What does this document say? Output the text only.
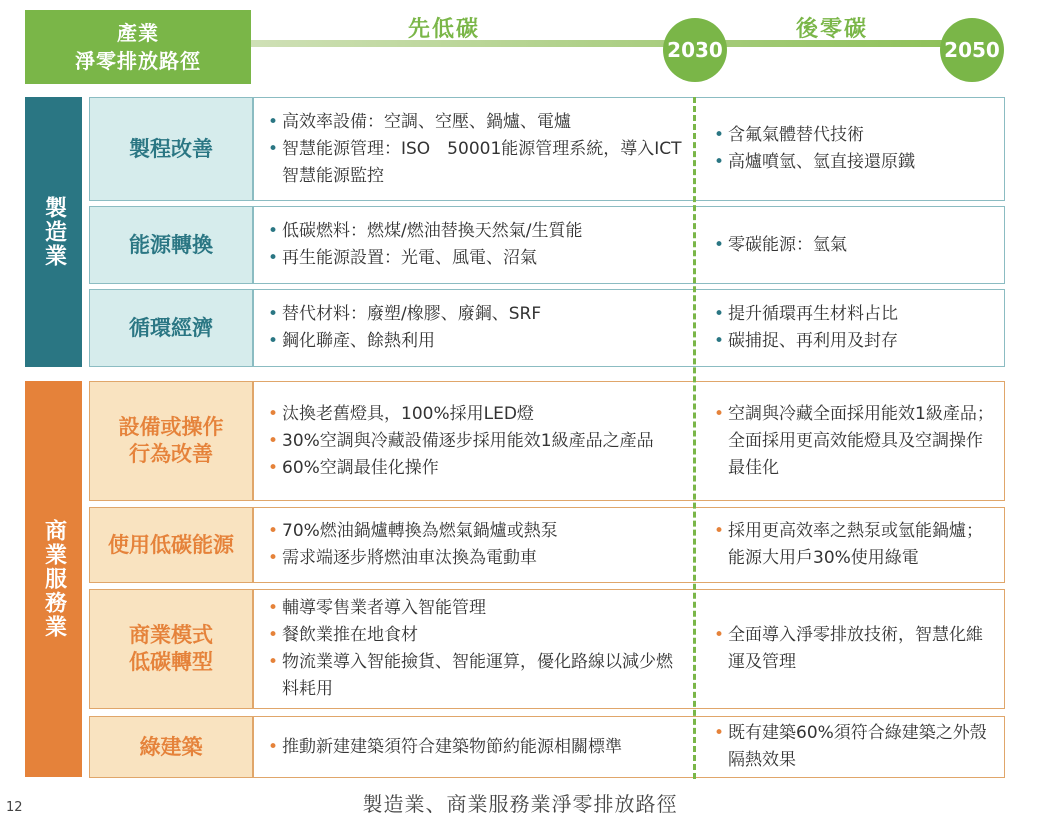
產業
淨零排放路徑
先低碳	後零碳
2030	2050
製造業
商業服務業
製程改善
• 高效率設備：空調、空壓、鍋爐、電爐
• 智慧能源管理：ISO　50001能源管理系統，導入ICT智慧能源監控
• 含氟氣體替代技術
• 高爐噴氫、氫直接還原鐵
能源轉換
• 低碳燃料：燃煤/燃油替換天然氣/生質能
• 再生能源設置：光電、風電、沼氣
• 零碳能源：氫氣
循環經濟
• 替代材料：廢塑/橡膠、廢鋼、SRF
• 鋼化聯產、餘熱利用
• 提升循環再生材料占比
• 碳捕捉、再利用及封存
設備或操作行為改善
• 汰換老舊燈具，100%採用LED燈
• 30%空調與冷藏設備逐步採用能效1級產品之產品
• 60%空調最佳化操作
• 空調與冷藏全面採用能效1級產品；全面採用更高效能燈具及空調操作最佳化
使用低碳能源
• 70%燃油鍋爐轉換為燃氣鍋爐或熱泵
• 需求端逐步將燃油車汰換為電動車
• 採用更高效率之熱泵或氫能鍋爐；能源大用戶30%使用綠電
商業模式低碳轉型
• 輔導零售業者導入智能管理
• 餐飲業推在地食材
• 物流業導入智能撿貨、智能運算，優化路線以減少燃料耗用
• 全面導入淨零排放技術，智慧化維運及管理
綠建築
•	推動新建建築須符合建築物節約能源相關標準
• 既有建築60%須符合綠建築之外殼隔熱效果
製造業、商業服務業淨零排放路徑
12
